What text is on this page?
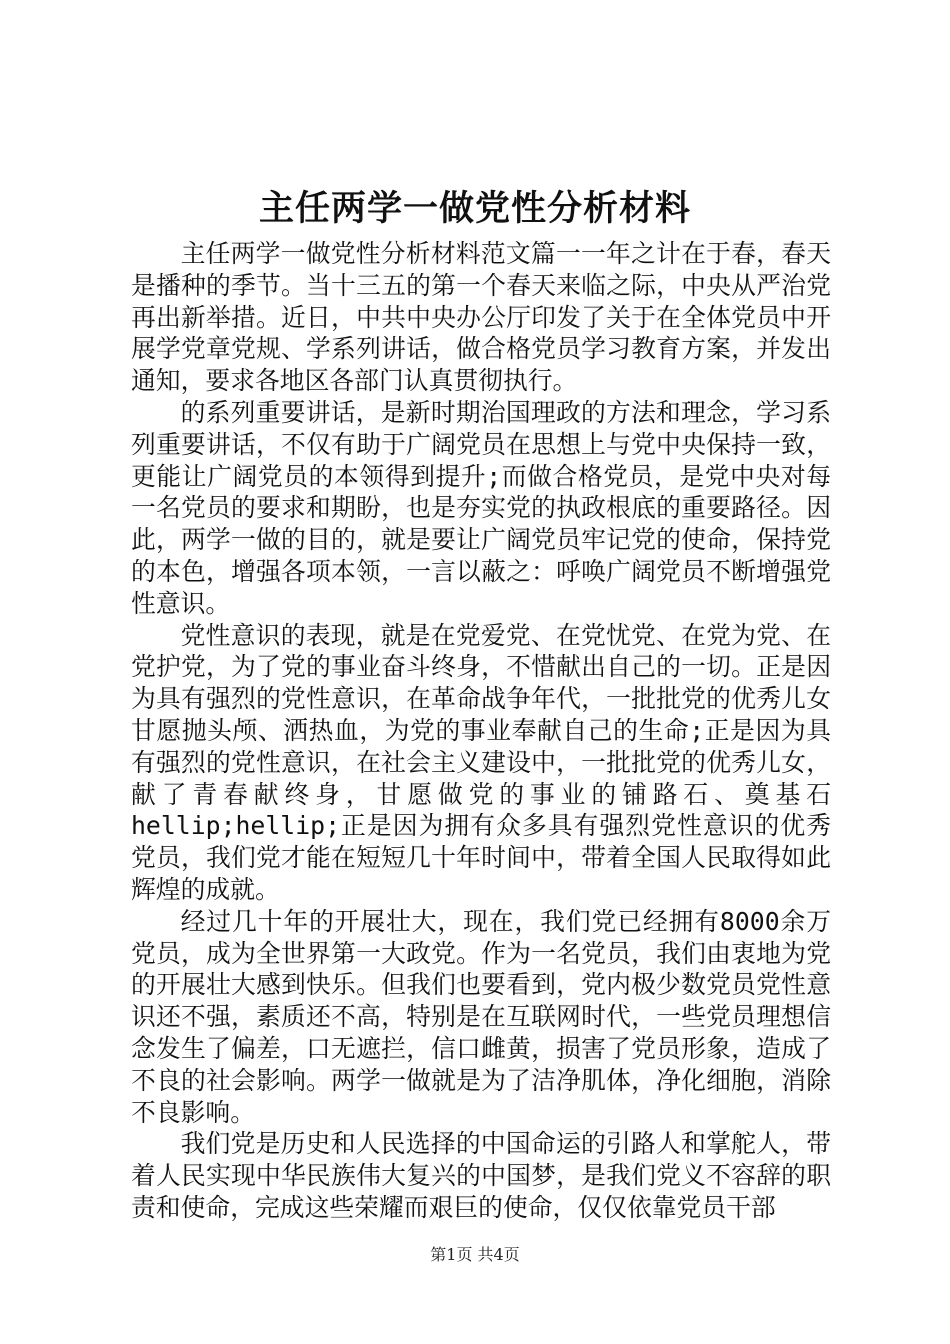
主任两学一做党性分析材料

主任两学一做党性分析材料范文篇一一年之计在于春，春天是播种的季节。当十三五的第一个春天来临之际，中央从严治党再出新举措。近日，中共中央办公厅印发了关于在全体党员中开展学党章党规、学系列讲话，做合格党员学习教育方案，并发出通知，要求各地区各部门认真贯彻执行。

的系列重要讲话，是新时期治国理政的方法和理念，学习系列重要讲话，不仅有助于广阔党员在思想上与党中央保持一致，更能让广阔党员的本领得到提升;而做合格党员，是党中央对每一名党员的要求和期盼，也是夯实党的执政根底的重要路径。因此，两学一做的目的，就是要让广阔党员牢记党的使命，保持党的本色，增强各项本领，一言以蔽之：呼唤广阔党员不断增强党性意识。

党性意识的表现，就是在党爱党、在党忧党、在党为党、在党护党，为了党的事业奋斗终身，不惜献出自己的一切。正是因为具有强烈的党性意识，在革命战争年代，一批批党的优秀儿女甘愿抛头颅、洒热血，为党的事业奉献自己的生命;正是因为具有强烈的党性意识，在社会主义建设中，一批批党的优秀儿女，献了青春献终身，甘愿做党的事业的铺路石、奠基石hellip;hellip;正是因为拥有众多具有强烈党性意识的优秀党员，我们党才能在短短几十年时间中，带着全国人民取得如此辉煌的成就。

经过几十年的开展壮大，现在，我们党已经拥有8000余万党员，成为全世界第一大政党。作为一名党员，我们由衷地为党的开展壮大感到快乐。但我们也要看到，党内极少数党员党性意识还不强，素质还不高，特别是在互联网时代，一些党员理想信念发生了偏差，口无遮拦，信口雌黄，损害了党员形象，造成了不良的社会影响。两学一做就是为了洁净肌体，净化细胞，消除不良影响。

我们党是历史和人民选择的中国命运的引路人和掌舵人，带着人民实现中华民族伟大复兴的中国梦，是我们党义不容辞的职责和使命，完成这些荣耀而艰巨的使命，仅仅依靠党员干部

第1页 共4页
